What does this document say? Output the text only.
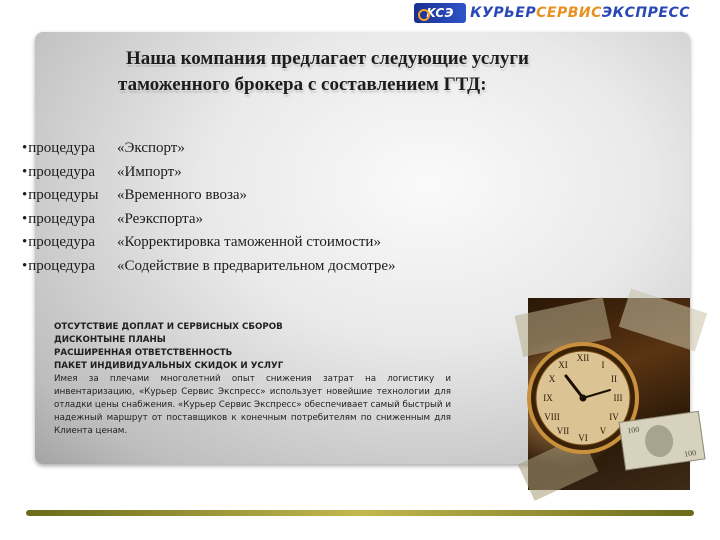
KCЭ	КУРЬЕРСЕРВИСЭКСПРЕСС
Наша компания предлагает следующие услуги
таможенного брокера с составлением ГТД:
•процедура	«Экспорт»
•процедура	«Импорт»
•процедуры	«Временного ввоза»
•процедура	«Реэкспорта»
•процедура	«Корректировка таможенной стоимости»
•процедура	«Содействие в предварительном досмотре»
ОТСУТСТВИЕ ДОПЛАТ И СЕРВИСНЫХ СБОРОВ
ДИСКОНТЫНЕ ПЛАНЫ
РАСШИРЕННАЯ ОТВЕТСТВЕННОСТЬ
ПАКЕТ ИНДИВИДУАЛЬНЫХ СКИДОК И УСЛУГ
Имея за плечами многолетний опыт снижения затрат на логистику и инвентаризацию, «Курьер Сервис Экспресс» использует новейшие технологии для отладки цены снабжения. «Курьер Сервис Экспресс» обеспечивает самый быстрый и надежный маршрут от поставщиков к конечным потребителям по сниженным для Клиента ценам.
XII
III
VI
IX
I
II
IV
V
VII
VIII
X
XI
100
100
